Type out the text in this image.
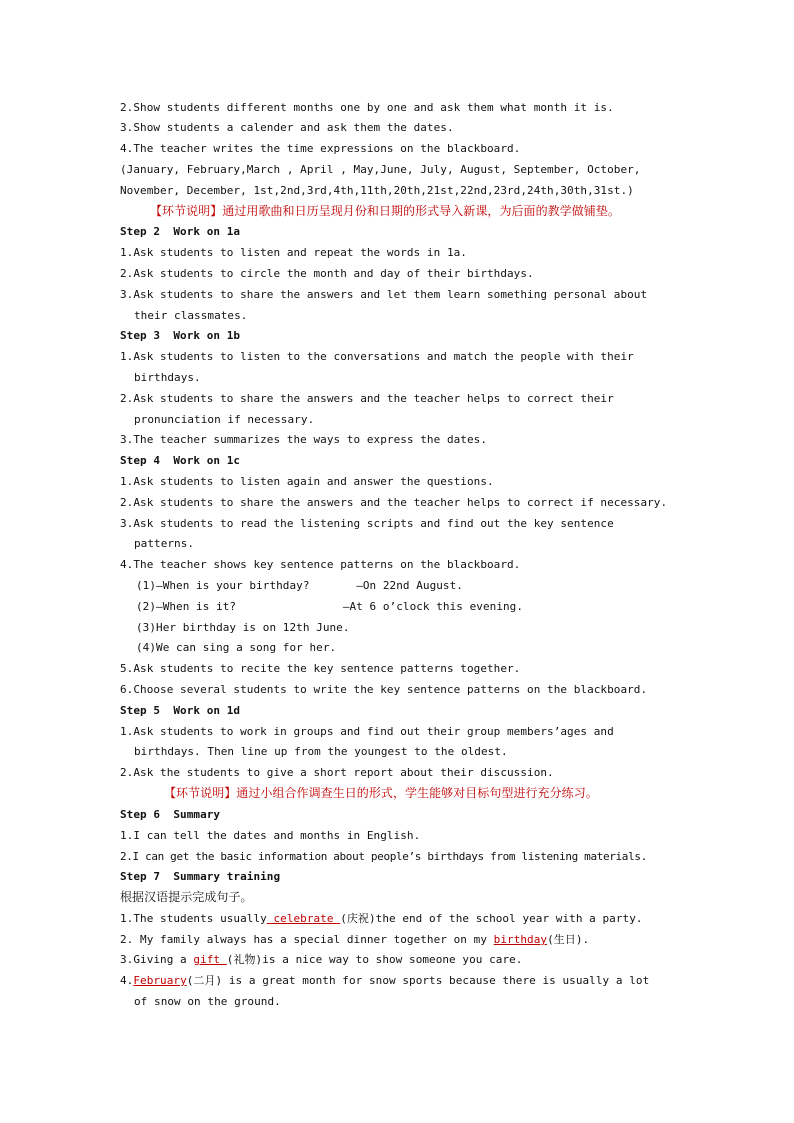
2.Show students different months one by one and ask them what month it is.
3.Show students a calender and ask them the dates.
4.The teacher writes the time expressions on the blackboard.
(January, February,March , April , May,June, July, August, September, October,
November, December, 1st,2nd,3rd,4th,11th,20th,21st,22nd,23rd,24th,30th,31st.)
【环节说明】通过用歌曲和日历呈现月份和日期的形式导入新课，为后面的教学做铺垫。
Step 2  Work on 1a
1.Ask students to listen and repeat the words in 1a.
2.Ask students to circle the month and day of their birthdays.
3.Ask students to share the answers and let them learn something personal about
their classmates.
Step 3  Work on 1b
1.Ask students to listen to the conversations and match the people with their
birthdays.
2.Ask students to share the answers and the teacher helps to correct their
pronunciation if necessary.
3.The teacher summarizes the ways to express the dates.
Step 4  Work on 1c
1.Ask students to listen again and answer the questions.
2.Ask students to share the answers and the teacher helps to correct if necessary.
3.Ask students to read the listening scripts and find out the key sentence
patterns.
4.The teacher shows key sentence patterns on the blackboard.
(1)—When is your birthday?       —On 22nd August.
(2)—When is it?                —At 6 o’clock this evening.
(3)Her birthday is on 12th June.
(4)We can sing a song for her.
5.Ask students to recite the key sentence patterns together.
6.Choose several students to write the key sentence patterns on the blackboard.
Step 5  Work on 1d
1.Ask students to work in groups and find out their group members’ages and
birthdays. Then line up from the youngest to the oldest.
2.Ask the students to give a short report about their discussion.
【环节说明】通过小组合作调查生日的形式，学生能够对目标句型进行充分练习。
Step 6  Summary
1.I can tell the dates and months in English.
2.I can get the basic information about people’s birthdays from listening materials.
Step 7  Summary training
根据汉语提示完成句子。
1.The students usually celebrate (庆祝)the end of the school year with a party.
2. My family always has a special dinner together on my birthday(生日).
3.Giving a gift (礼物)is a nice way to show someone you care.
4.February(二月) is a great month for snow sports because there is usually a lot
of snow on the ground.
